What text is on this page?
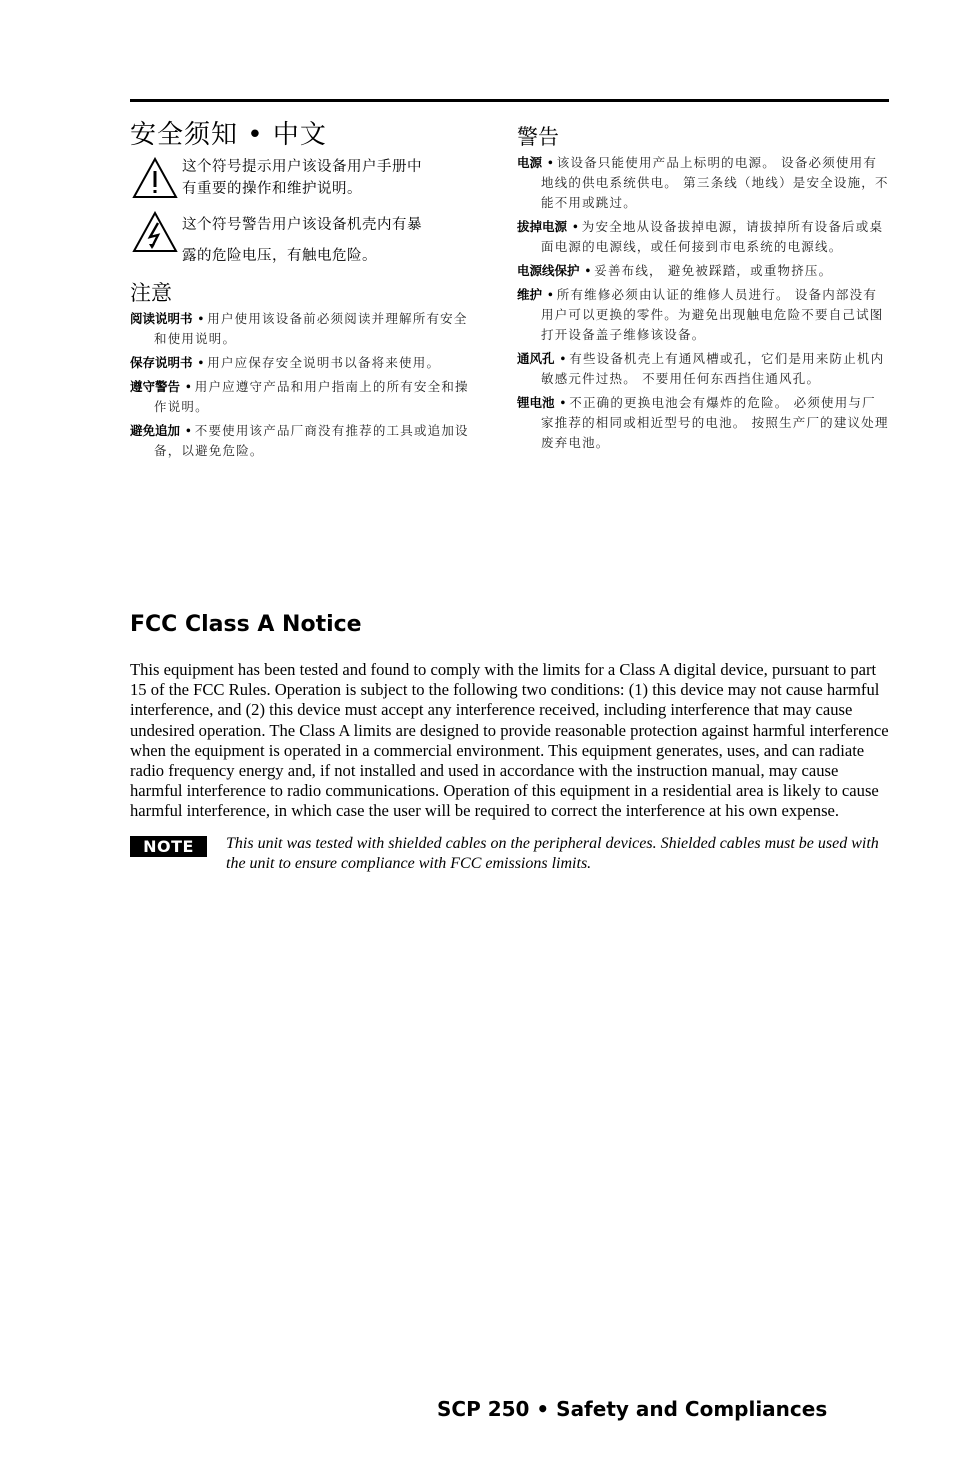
安全须知 • 中文
这个符号提示用户该设备用户手册中
有重要的操作和维护说明。
这个符号警告用户该设备机壳内有暴
露的危险电压，有触电危险。
注意
阅读说明书 • 用户使用该设备前必须阅读并理解所有安全和使用说明。
保存说明书 • 用户应保存安全说明书以备将来使用。
遵守警告 • 用户应遵守产品和用户指南上的所有安全和操作说明。
避免追加 • 不要使用该产品厂商没有推荐的工具或追加设备，以避免危险。
警告
电源 • 该设备只能使用产品上标明的电源。 设备必须使用有地线的供电系统供电。 第三条线（地线）是安全设施，不能不用或跳过。
拔掉电源 • 为安全地从设备拔掉电源，请拔掉所有设备后或桌面电源的电源线，或任何接到市电系统的电源线。
电源线保护 • 妥善布线， 避免被踩踏，或重物挤压。
维护 • 所有维修必须由认证的维修人员进行。 设备内部没有用户可以更换的零件。为避免出现触电危险不要自己试图打开设备盖子维修该设备。
通风孔 • 有些设备机壳上有通风槽或孔，它们是用来防止机内敏感元件过热。 不要用任何东西挡住通风孔。
锂电池 • 不正确的更换电池会有爆炸的危险。 必须使用与厂家推荐的相同或相近型号的电池。 按照生产厂的建议处理废弃电池。
FCC Class A Notice

This equipment has been tested and found to comply with the limits for a Class A digital device, pursuant to part 15 of the FCC Rules. Operation is subject to the following two conditions: (1) this device may not cause harmful interference, and (2) this device must accept any interference received, including interference that may cause undesired operation. The Class A limits are designed to provide reasonable protection against harmful interference when the equipment is operated in a commercial environment. This equipment generates, uses, and can radiate radio frequency energy and, if not installed and used in accordance with the instruction manual, may cause harmful interference to radio communications. Operation of this equipment in a residential area is likely to cause harmful interference, in which case the user will be required to correct the interference at his own expense.

NOTE	This unit was tested with shielded cables on the peripheral devices. Shielded cables must be used with the unit to ensure compliance with FCC emissions limits.
SCP 250 • Safety and Compliances
